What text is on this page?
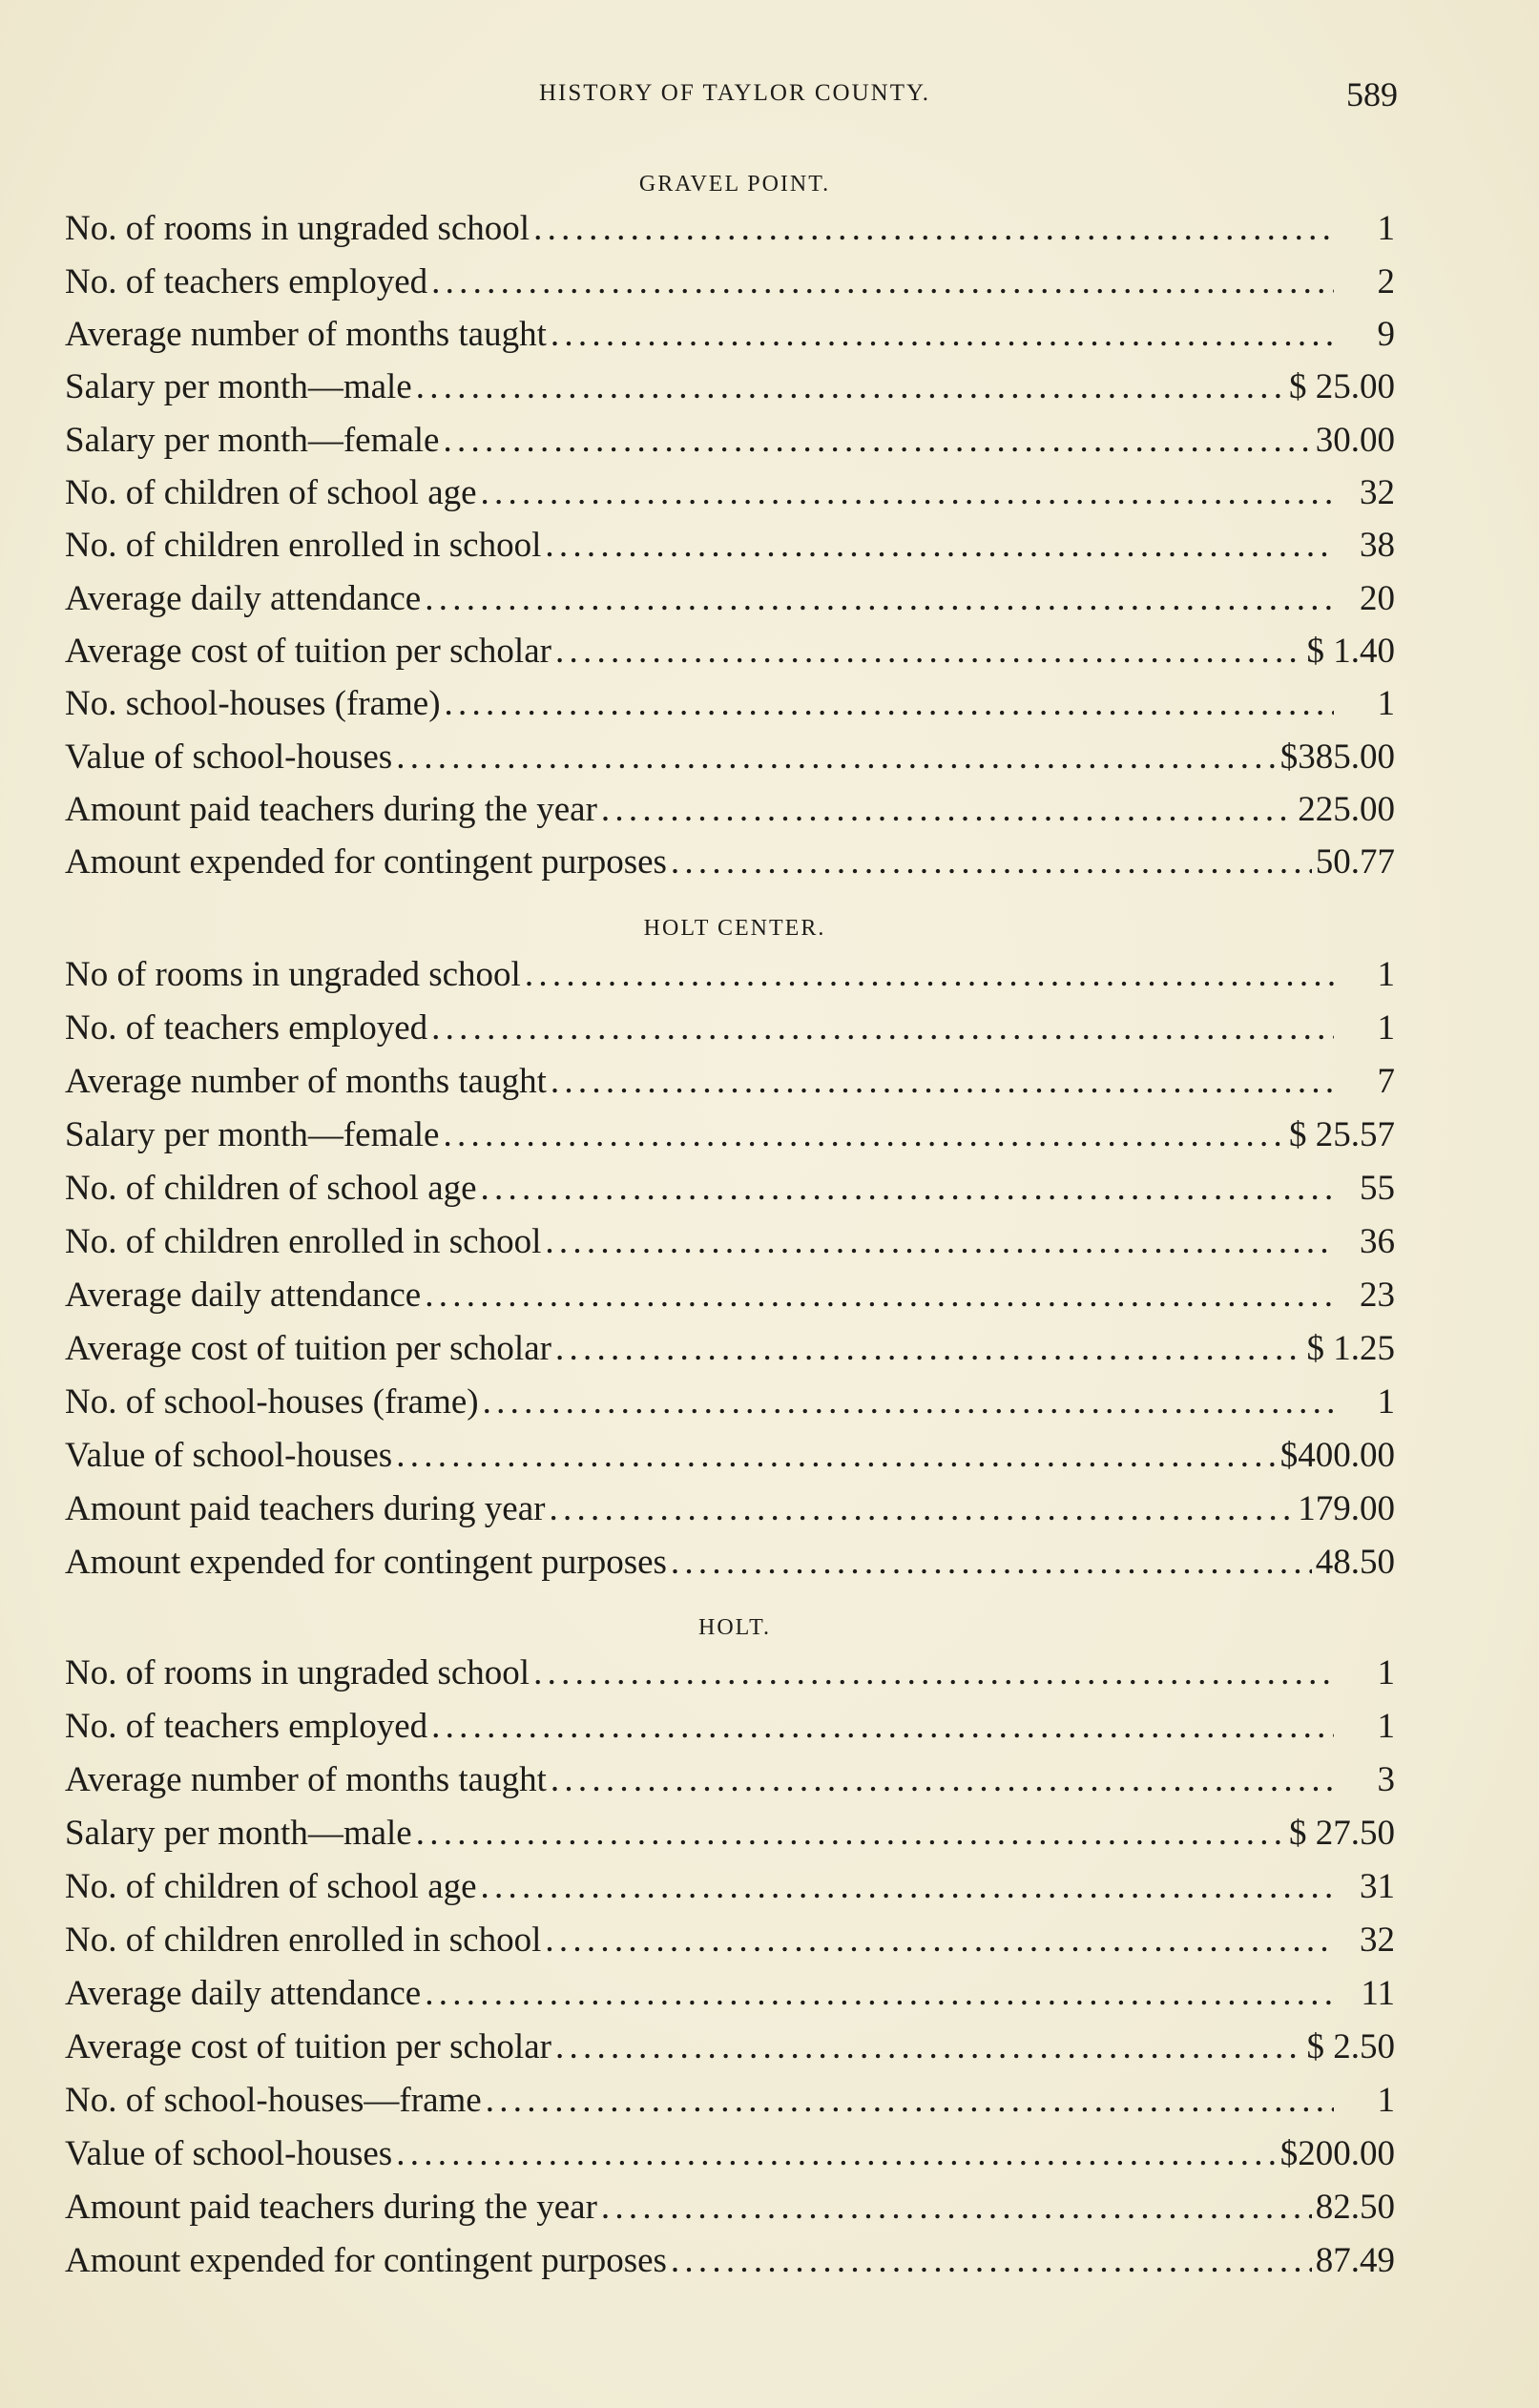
HISTORY OF TAYLOR COUNTY.	589
GRAVEL POINT.
No. of rooms in ungraded school . . .	1
No. of teachers employed . . .	2
Average number of months taught . . .	9
Salary per month—male . . .	$ 25.00
Salary per month—female . . .	30.00
No. of children of school age . . .	32
No. of children enrolled in school . . .	38
Average daily attendance . . .	20
Average cost of tuition per scholar . . .	$ 1.40
No. school-houses (frame) . . .	1
Value of school-houses . . .	$385.00
Amount paid teachers during the year . . .	225.00
Amount expended for contingent purposes . . .	50.77
HOLT CENTER.
No of rooms in ungraded school . . .	1
No. of teachers employed . . .	1
Average number of months taught . . .	7
Salary per month—female . . .	$ 25.57
No. of children of school age . . .	55
No. of children enrolled in school . . .	36
Average daily attendance . . .	23
Average cost of tuition per scholar . . .	$ 1.25
No. of school-houses (frame) . . .	1
Value of school-houses . . .	$400.00
Amount paid teachers during year . . .	179.00
Amount expended for contingent purposes . . .	48.50
HOLT.
No. of rooms in ungraded school . . .	1
No. of teachers employed . . .	1
Average number of months taught . . .	3
Salary per month—male . . .	$ 27.50
No. of children of school age . . .	31
No. of children enrolled in school . . .	32
Average daily attendance . . .	11
Average cost of tuition per scholar . . .	$ 2.50
No. of school-houses—frame . . .	1
Value of school-houses . . .	$200.00
Amount paid teachers during the year . . .	82.50
Amount expended for contingent purposes . . .	87.49
